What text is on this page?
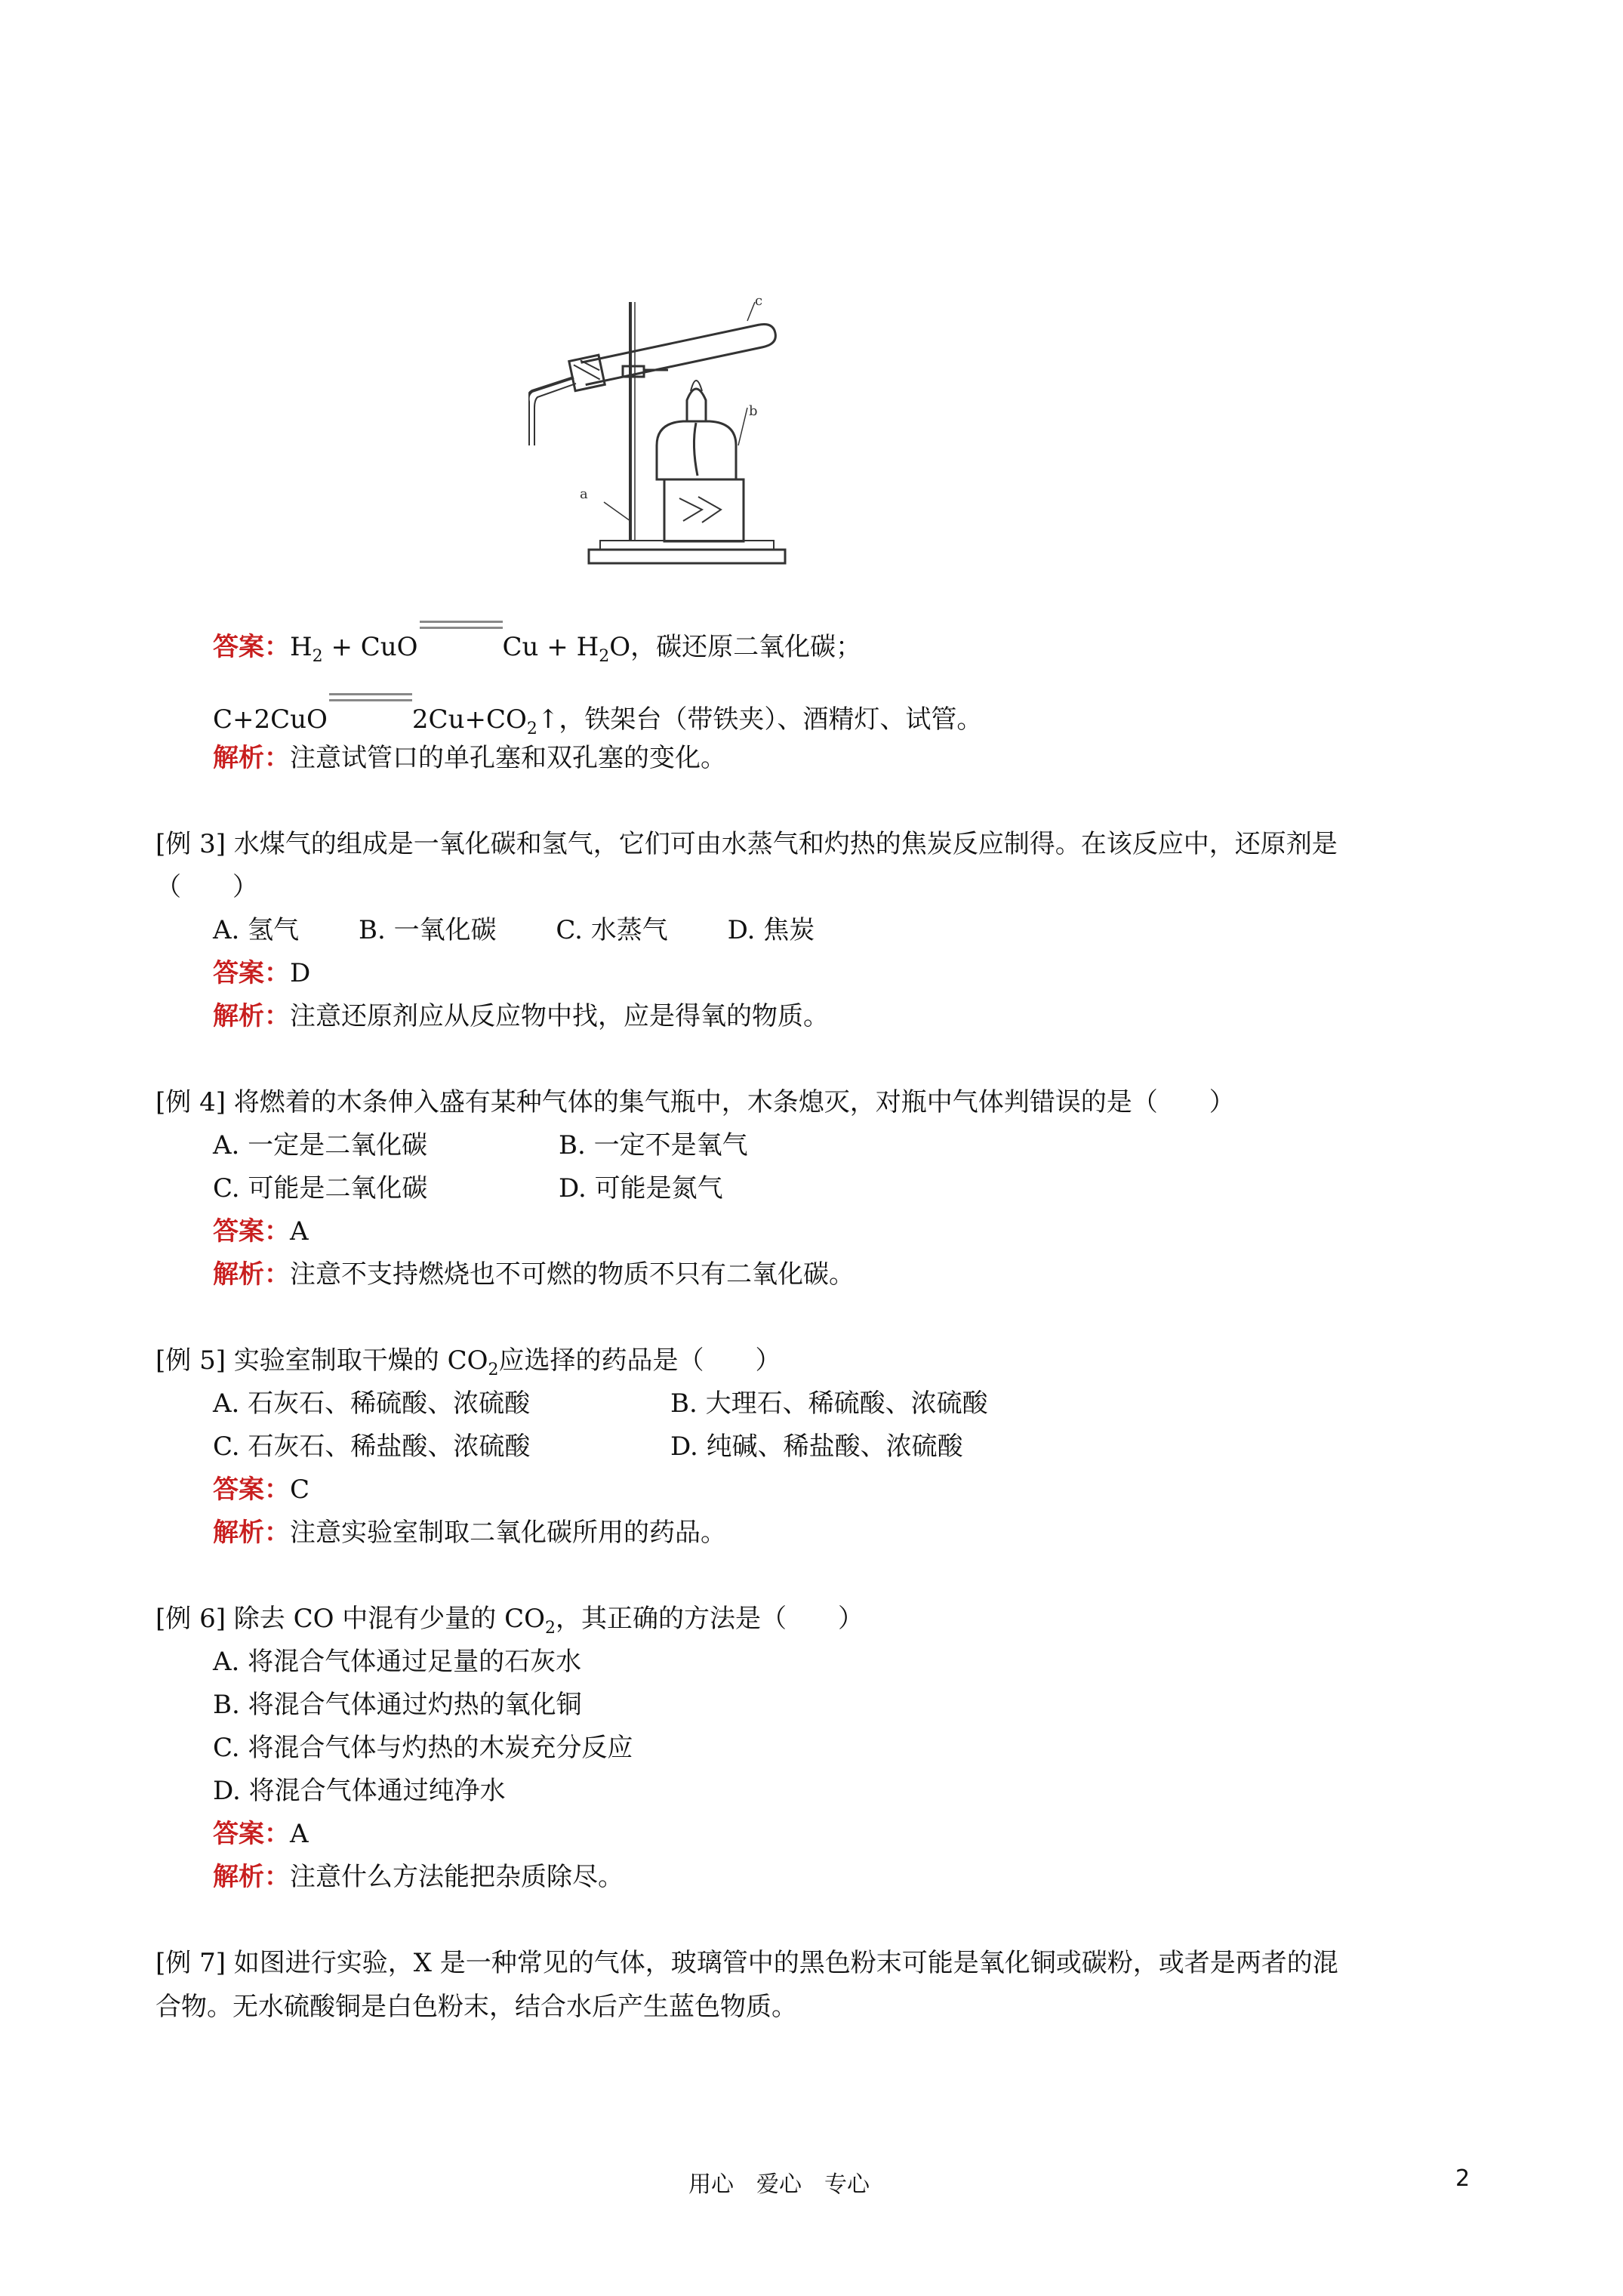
c
b
a
答案：$H_2$ + CuO	$Cu + H_2O$，碳还原二氧化碳；
C+2CuO	$2Cu+CO_2↑$，铁架台（带铁夹）、酒精灯、试管。
解析：注意试管口的单孔塞和双孔塞的变化。
[例 3] 水煤气的组成是一氧化碳和氢气，它们可由水蒸气和灼热的焦炭反应制得。在该反应中，还原剂是
（　　）
A. 氢气　　 B. 一氧化碳　　 C. 水蒸气　　 D. 焦炭
答案：D
解析：注意还原剂应从反应物中找，应是得氧的物质。
[例 4] 将燃着的木条伸入盛有某种气体的集气瓶中，木条熄灭，对瓶中气体判错误的是（　　）
A. 一定是二氧化碳	B. 一定不是氧气
C. 可能是二氧化碳	D. 可能是氮气
答案：A
解析：注意不支持燃烧也不可燃的物质不只有二氧化碳。
[例 5] 实验室制取干燥的 $CO_2$应选择的药品是（　　）
A. 石灰石、稀硫酸、浓硫酸	B. 大理石、稀硫酸、浓硫酸
C. 石灰石、稀盐酸、浓硫酸	D. 纯碱、稀盐酸、浓硫酸
答案：C
解析：注意实验室制取二氧化碳所用的药品。
[例 6] 除去 CO 中混有少量的 $CO_2$，其正确的方法是（　　）
A. 将混合气体通过足量的石灰水
B. 将混合气体通过灼热的氧化铜
C. 将混合气体与灼热的木炭充分反应
D. 将混合气体通过纯净水
答案：A
解析：注意什么方法能把杂质除尽。
[例 7] 如图进行实验，X 是一种常见的气体，玻璃管中的黑色粉末可能是氧化铜或碳粉，或者是两者的混
合物。无水硫酸铜是白色粉末，结合水后产生蓝色物质。
用心　爱心　专心	2
